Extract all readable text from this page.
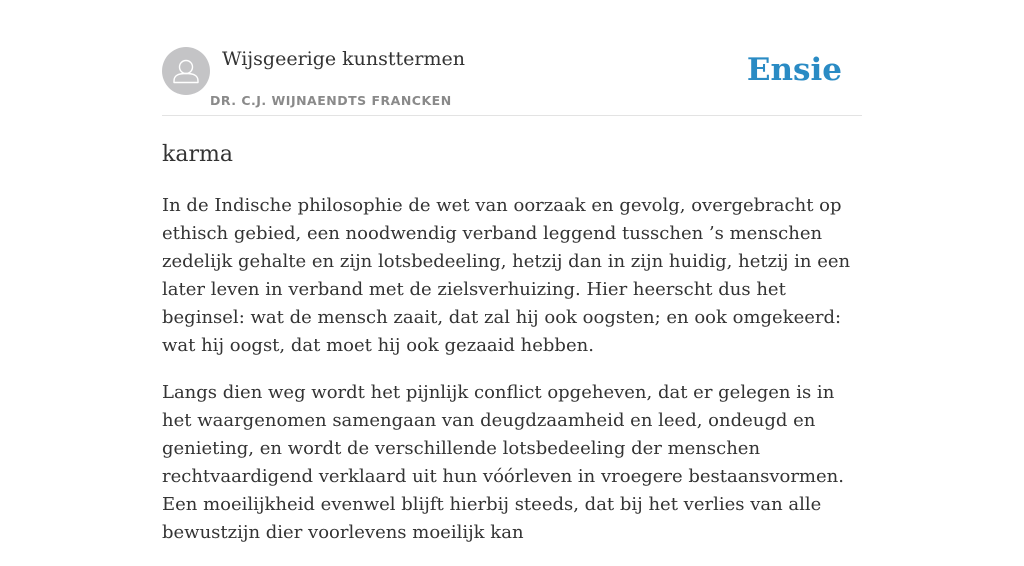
Wijsgeerige kunsttermen
DR. C.J. WIJNAENDTS FRANCKEN
Ensie
karma

In de Indische philosophie de wet van oorzaak en gevolg, overgebracht op ethisch gebied, een noodwendig verband leggend tusschen ’s menschen zedelijk gehalte en zijn lotsbedeeling, hetzij dan in zijn huidig, hetzij in een later leven in verband met de zielsverhuizing. Hier heerscht dus het beginsel: wat de mensch zaait, dat zal hij ook oogsten; en ook omgekeerd: wat hij oogst, dat moet hij ook gezaaid hebben.

Langs dien weg wordt het pijnlijk conflict opgeheven, dat er gelegen is in het waargenomen samengaan van deugdzaamheid en leed, ondeugd en genieting, en wordt de verschillende lotsbedeeling der menschen rechtvaardigend verklaard uit hun vóórleven in vroegere bestaansvormen. Een moeilijkheid evenwel blijft hierbij steeds, dat bij het verlies van alle bewustzijn dier voorlevens moeilijk kan
